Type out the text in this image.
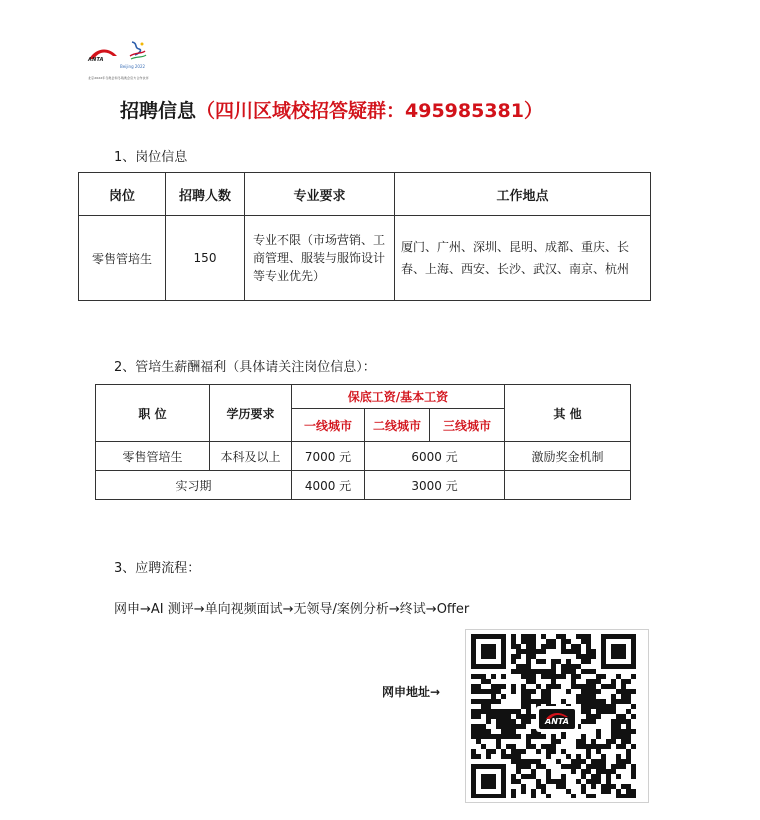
ANTA
Beijing 2022
北京2022年冬奥会和冬残奥会官方合作伙伴
招聘信息（四川区域校招答疑群：495985381）
1、岗位信息
岗位	招聘人数	专业要求	工作地点
零售管培生	150	专业不限（市场营销、工商管理、服装与服饰设计等专业优先）	厦门、广州、深圳、昆明、成都、重庆、长春、上海、西安、长沙、武汉、南京、杭州
2、管培生薪酬福利（具体请关注岗位信息）：
职 位	学历要求	保底工资/基本工资			其 他
		一线城市	二线城市	三线城市	
零售管培生	本科及以上	7000 元	6000 元		激励奖金机制
实习期		4000 元	3000 元		
3、应聘流程：
网申→AI 测评→单向视频面试→无领导/案例分析→终试→Offer
网申地址→
ANTA
